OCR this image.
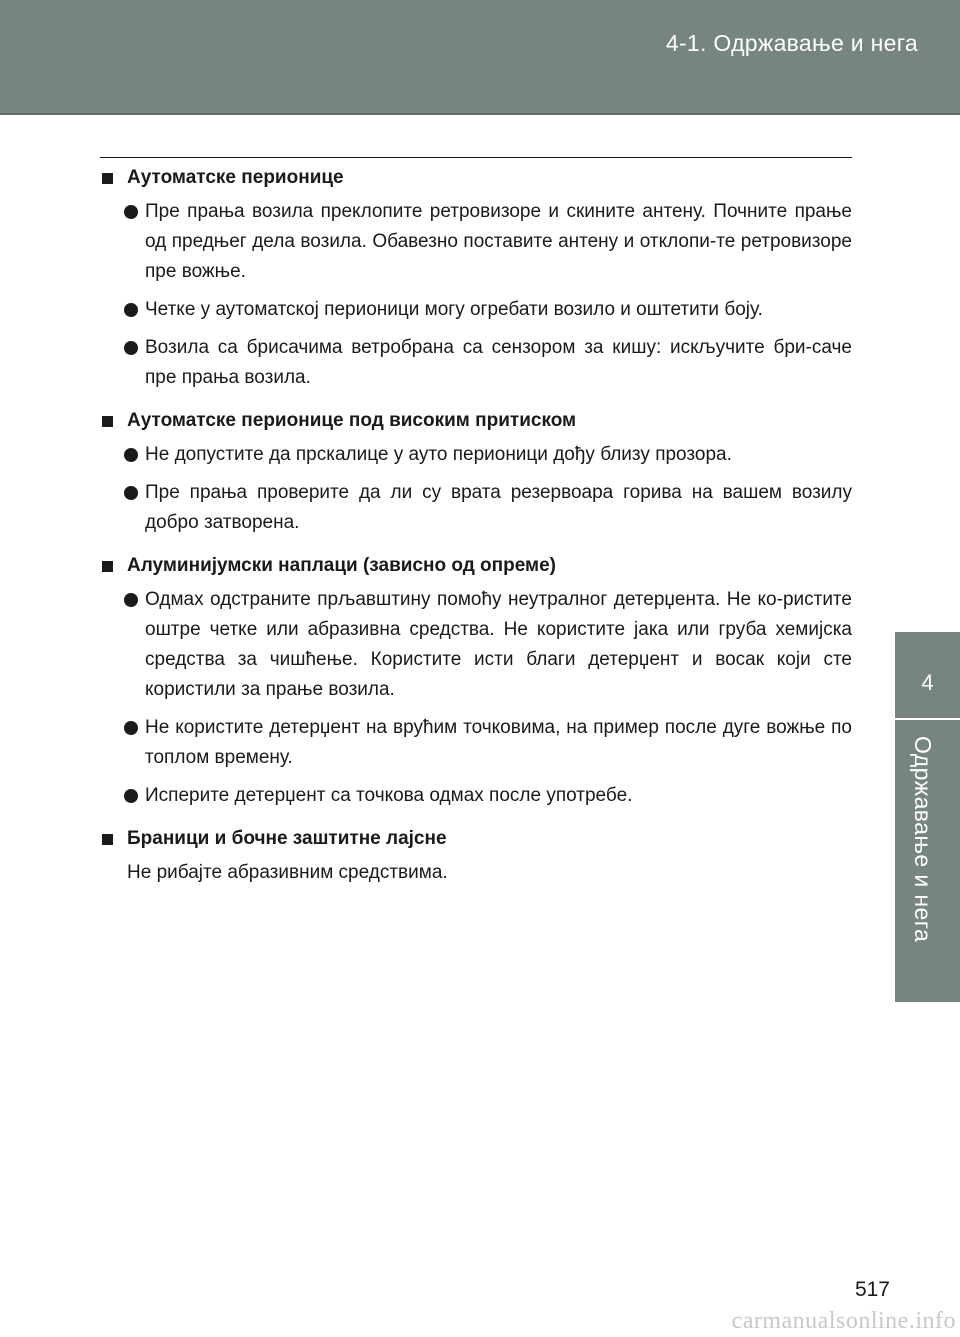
4-1. Одржавање и нега
4
Одржавање и нега
Аутоматске перионице
Пре прања возила преклопите ретровизоре и скините антену. Почните прање од предњег дела возила. Обавезно поставите антену и отклопи-те ретровизоре пре вожње.
Четке у аутоматској перионици могу огребати возило и оштетити боју.
Возила са брисачима ветробрана са сензором за кишу: искључите бри-саче пре прања возила.
Аутоматске перионице под високим притиском
Не допустите да прскалице у ауто перионици дођу близу прозора.
Пре прања проверите да ли су врата резервоара горива на вашем возилу добро затворена.
Алуминијумски наплаци (зависно од опреме)
Одмах одстраните прљавштину помоћу неутралног детерџента. Не ко-ристите оштре четке или абразивна средства. Не користите јака или груба хемијска средства за чишћење. Користите исти благи детерџент и восак који сте користили за прање возила.
Не користите детерџент на врућим точковима, на пример после дуге вожње по топлом времену.
Исперите детерџент са точкова одмах после употребе.
Браници и бочне заштитне лајсне
Не рибајте абразивним средствима.
517
carmanualsonline.info
